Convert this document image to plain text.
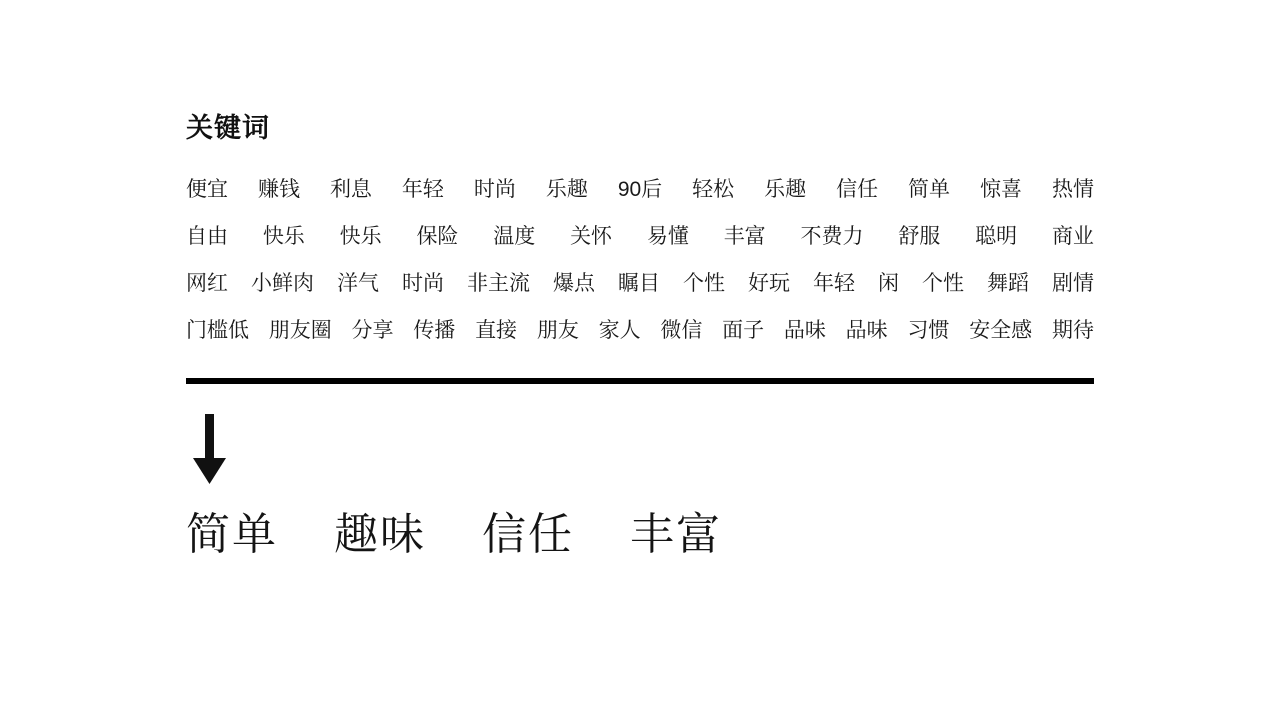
关键词
便宜 赚钱 利息 年轻 时尚 乐趣 90后 轻松 乐趣 信任 简单 惊喜 热情
自由 快乐 快乐 保险 温度 关怀 易懂 丰富 不费力 舒服 聪明 商业
网红 小鲜肉 洋气 时尚 非主流 爆点 瞩目 个性 好玩 年轻 闲 个性 舞蹈 剧情
门槛低 朋友圈 分享 传播 直接 朋友 家人 微信 面子 品味 品味 习惯 安全感 期待
简单 趣味 信任 丰富
